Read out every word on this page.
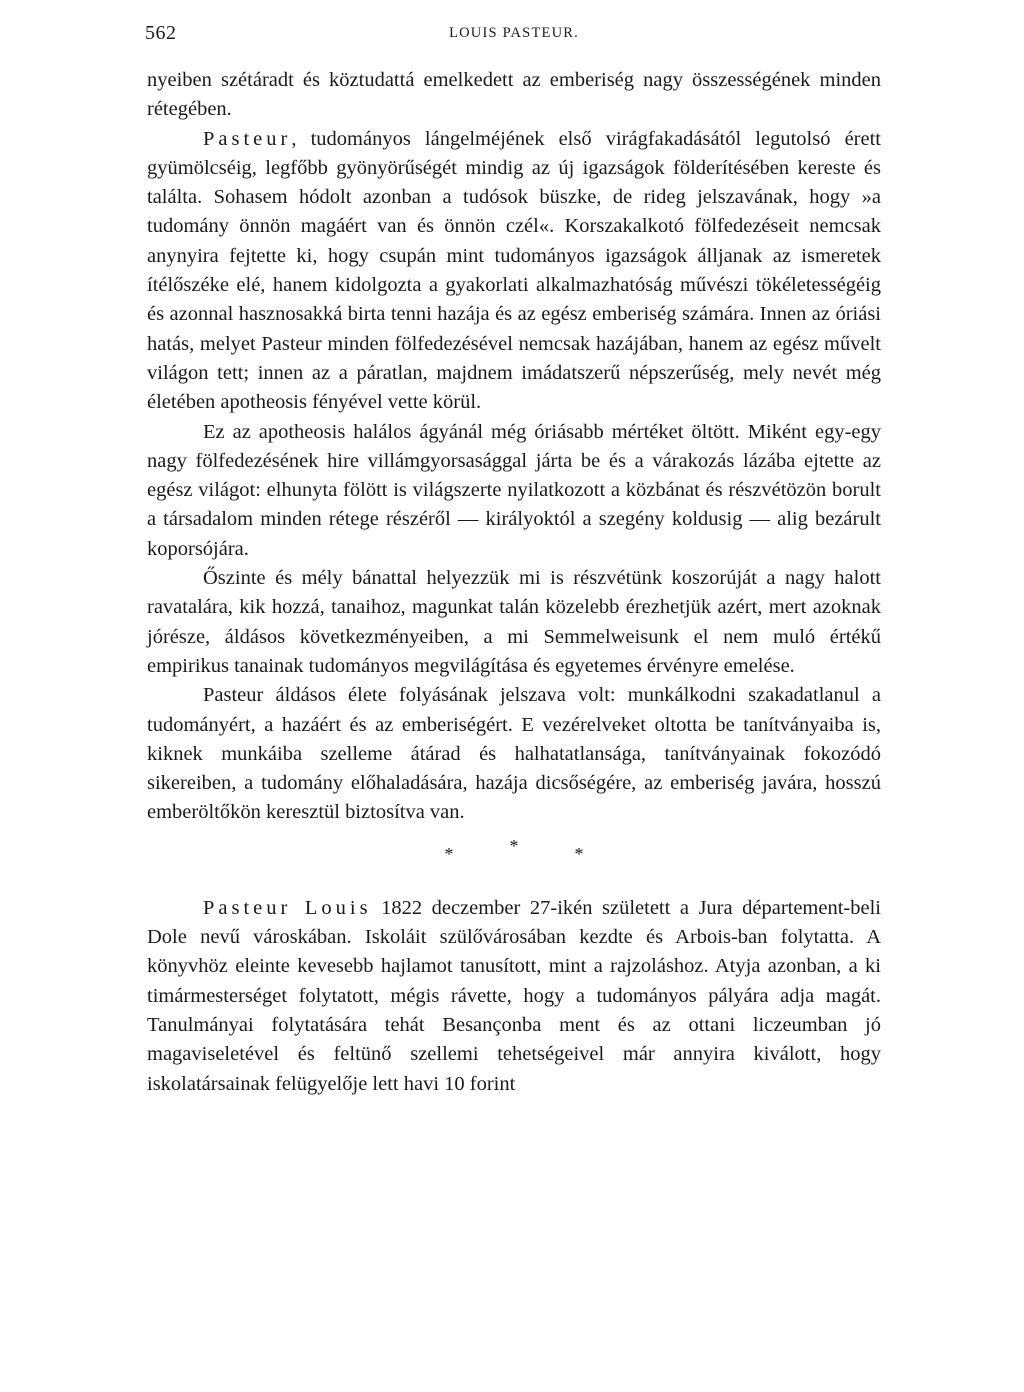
562	LOUIS PASTEUR.

nyeiben szétáradt és köztudattá emelkedett az emberiség nagy összességének minden rétegében.

Pasteur, tudományos lángelméjének első virágfakadásától legutolsó érett gyümölcséig, legfőbb gyönyörűségét mindig az új igazságok földerítésében kereste és találta. Sohasem hódolt azonban a tudósok büszke, de rideg jelszavának, hogy »a tudomány önnön magáért van és önnön czél«. Korszakalkotó fölfedezéseit nemcsak anynyira fejtette ki, hogy csupán mint tudományos igazságok álljanak az ismeretek ítélőszéke elé, hanem kidolgozta a gyakorlati alkalmazhatóság művészi tökéletességéig és azonnal hasznosakká birta tenni hazája és az egész emberiség számára. Innen az óriási hatás, melyet Pasteur minden fölfedezésével nemcsak hazájában, hanem az egész művelt világon tett; innen az a páratlan, majdnem imádatszerű népszerűség, mely nevét még életében apotheosis fényével vette körül.

Ez az apotheosis halálos ágyánál még óriásabb mértéket öltött. Miként egy-egy nagy fölfedezésének hire villámgyorsasággal járta be és a várakozás lázába ejtette az egész világot: elhunyta fölött is világszerte nyilatkozott a közbánat és részvétözön borult a társadalom minden rétege részéről — királyoktól a szegény koldusig — alig bezárult koporsójára.

Őszinte és mély bánattal helyezzük mi is részvétünk koszorúját a nagy halott ravatalára, kik hozzá, tanaihoz, magunkat talán közelebb érezhetjük azért, mert azoknak jórésze, áldásos következményeiben, a mi Semmelweisunk el nem muló értékű empirikus tanainak tudományos megvilágítása és egyetemes érvényre emelése.

Pasteur áldásos élete folyásának jelszava volt: munkálkodni szakadatlanul a tudományért, a hazáért és az emberiségért. E vezérelveket oltotta be tanítványaiba is, kiknek munkáiba szelleme átárad és halhatatlansága, tanítványainak fokozódó sikereiben, a tudomány előhaladására, hazája dicsőségére, az emberiség javára, hosszú emberöltőkön keresztül biztosítva van.

*	*	*

Pasteur Louis 1822 deczember 27-ikén született a Jura département-beli Dole nevű városkában. Iskoláit szülővárosában kezdte és Arbois-ban folytatta. A könyvhöz eleinte kevesebb hajlamot tanusított, mint a rajzoláshoz. Atyja azonban, a ki timármesterséget folytatott, mégis rávette, hogy a tudományos pályára adja magát. Tanulmányai folytatására tehát Besançonba ment és az ottani liczeumban jó magaviseletével és feltünő szellemi tehetségeivel már annyira kiválott, hogy iskolatársainak felügyelője lett havi 10 forint
